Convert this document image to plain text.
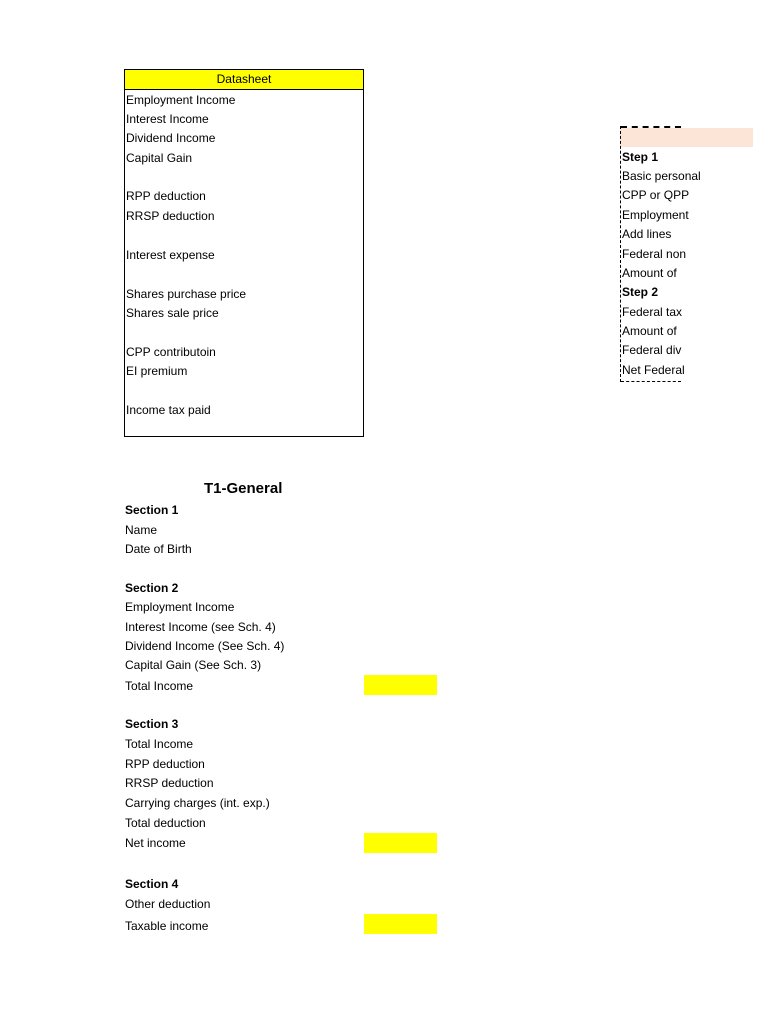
Datasheet
Employment Income
Interest Income
Dividend Income
Capital Gain
RPP deduction
RRSP deduction
Interest expense
Shares purchase price
Shares sale price
CPP contributoin
EI premium
Income tax paid
Step 1
Basic personal
CPP or QPP
Employment
Add lines
Federal non
Amount of
Step 2
Federal tax
Amount of
Federal div
Net Federal
T1-General
Section 1
Name
Date of Birth
Section 2
Employment Income
Interest Income (see Sch. 4)
Dividend Income (See Sch. 4)
Capital Gain (See Sch. 3)
Total Income
Section 3
Total Income
RPP deduction
RRSP deduction
Carrying charges (int. exp.)
Total deduction
Net income
Section 4
Other deduction
Taxable income
